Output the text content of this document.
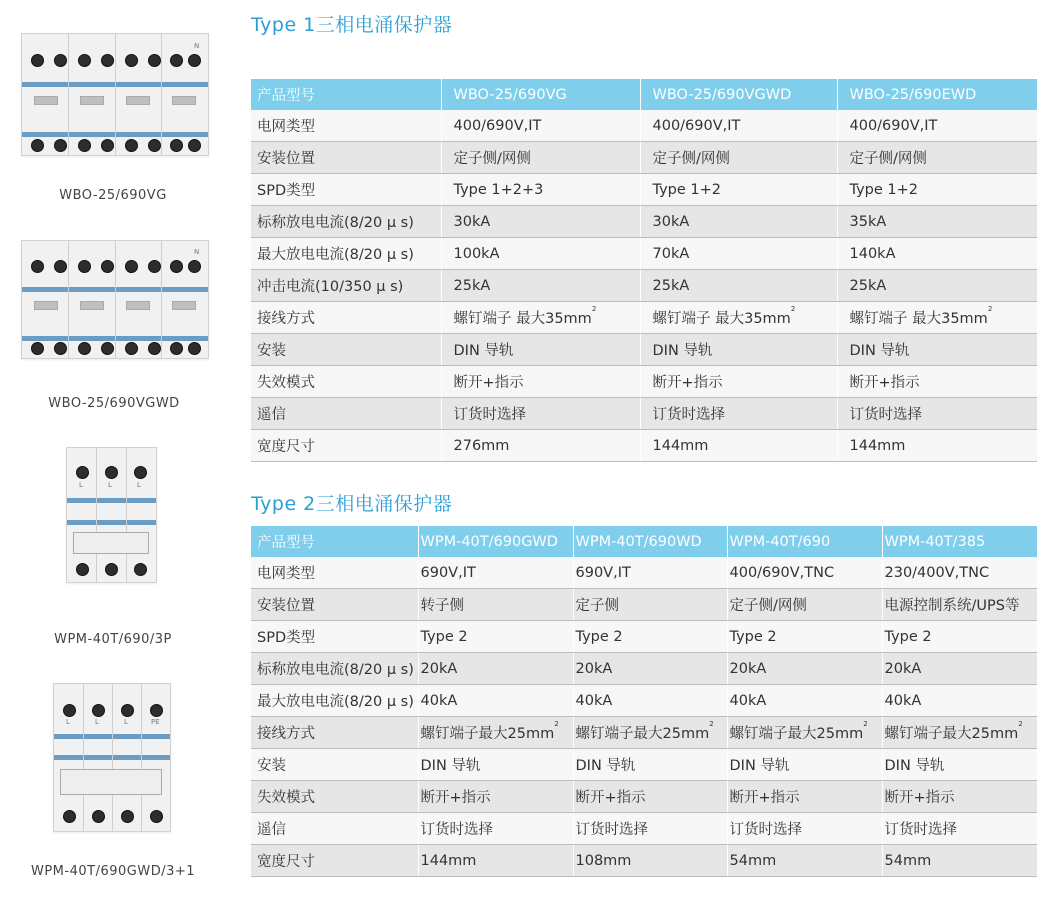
N
WBO-25/690VG
N
WBO-25/690VGWD
L	L	L
WPM-40T/690/3P
L	L	L	PE
WPM-40T/690GWD/3+1
Type 1三相电涌保护器
产品型号	WBO-25/690VG	WBO-25/690VGWD	WBO-25/690EWD
电网类型	400/690V,IT	400/690V,IT	400/690V,IT
安装位置	定子侧/网侧	定子侧/网侧	定子侧/网侧
SPD类型	Type 1+2+3	Type 1+2	Type 1+2
标称放电电流(8/20 μ s)	30kA	30kA	35kA
最大放电电流(8/20 μ s)	100kA	70kA	140kA
冲击电流(10/350 μ s)	25kA	25kA	25kA
接线方式	螺钉端子 最大$35mm^2$	螺钉端子 最大$35mm^2$	螺钉端子 最大$35mm^2$
安装	DIN 导轨	DIN 导轨	DIN 导轨
失效模式	断开+指示	断开+指示	断开+指示
遥信	订货时选择	订货时选择	订货时选择
宽度尺寸	276mm	144mm	144mm
Type 2三相电涌保护器
产品型号	WPM-40T/690GWD	WPM-40T/690WD	WPM-40T/690	WPM-40T/385
电网类型	690V,IT	690V,IT	400/690V,TNC	230/400V,TNC
安装位置	转子侧	定子侧	定子侧/网侧	电源控制系统/UPS等
SPD类型	Type 2	Type 2	Type 2	Type 2
标称放电电流(8/20 μ s)	20kA	20kA	20kA	20kA
最大放电电流(8/20 μ s)	40kA	40kA	40kA	40kA
接线方式	螺钉端子最大$25mm^2$	螺钉端子最大$25mm^2$	螺钉端子最大$25mm^2$	螺钉端子最大$25mm^2$
安装	DIN 导轨	DIN 导轨	DIN 导轨	DIN 导轨
失效模式	断开+指示	断开+指示	断开+指示	断开+指示
遥信	订货时选择	订货时选择	订货时选择	订货时选择
宽度尺寸	144mm	108mm	54mm	54mm
